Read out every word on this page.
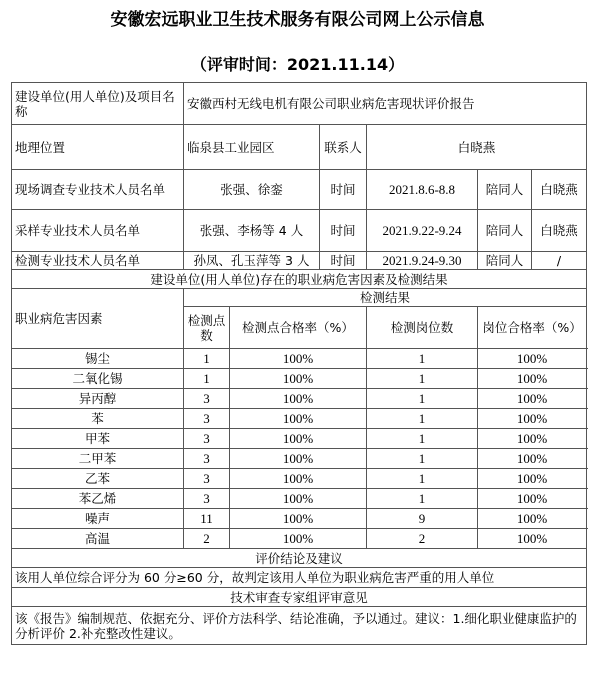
安徽宏远职业卫生技术服务有限公司网上公示信息
（评审时间：2021.11.14）
建设单位(用人单位)及项目名称	安徽西村无线电机有限公司职业病危害现状评价报告					
地理位置	临泉县工业园区		联系人	白晓燕		
现场调查专业技术人员名单	张强、徐銮		时间	2021.8.6-8.8	陪同人	白晓燕
采样专业技术人员名单	张强、李杨等 4 人		时间	2021.9.22-9.24	陪同人	白晓燕
检测专业技术人员名单	孙凤、孔玉萍等 3 人		时间	2021.9.24-9.30	陪同人	/
建设单位(用人单位)存在的职业病危害因素及检测结果						
职业病危害因素	检测结果					
	检测点数	检测点合格率（%）		检测岗位数	岗位合格率（%）	
锡尘	1	100%		1	100%	
二氧化锡	1	100%		1	100%	
异丙醇	3	100%		1	100%	
苯	3	100%		1	100%	
甲苯	3	100%		1	100%	
二甲苯	3	100%		1	100%	
乙苯	3	100%		1	100%	
苯乙烯	3	100%		1	100%	
噪声	11	100%		9	100%	
高温	2	100%		2	100%	
评价结论及建议						
该用人单位综合评分为 60 分≥60 分，故判定该用人单位为职业病危害严重的用人单位						
技术审查专家组评审意见						
该《报告》编制规范、依据充分、评价方法科学、结论准确，予以通过。建议：1.细化职业健康监护的分析评价 2.补充整改性建议。						
